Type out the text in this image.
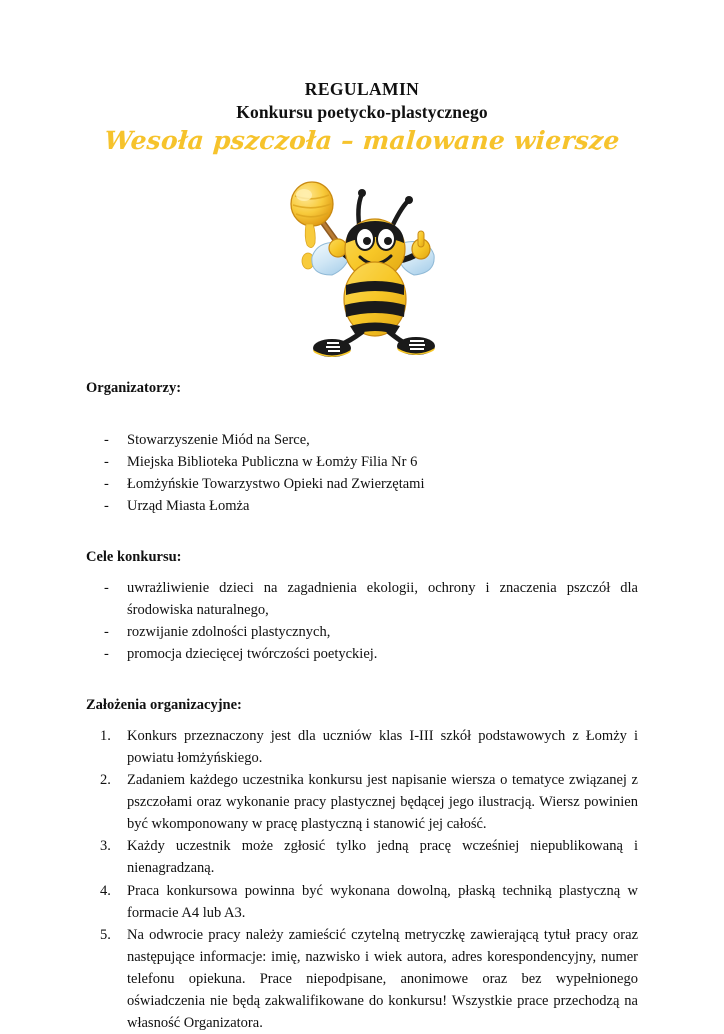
REGULAMIN
Konkursu poetycko-plastycznego
Wesoła pszczoła – malowane wiersze
Organizatorzy:
- Stowarzyszenie Miód na Serce,
- Miejska Biblioteka Publiczna w Łomży Filia Nr 6
- Łomżyńskie Towarzystwo Opieki nad Zwierzętami
- Urząd Miasta Łomża
Cele konkursu:
- uwrażliwienie dzieci na zagadnienia ekologii, ochrony i znaczenia pszczół dla środowiska naturalnego,
- rozwijanie zdolności plastycznych,
- promocja dziecięcej twórczości poetyckiej.
Założenia organizacyjne:
Konkurs przeznaczony jest dla uczniów klas I-III szkół podstawowych z Łomży i powiatu łomżyńskiego.
Zadaniem każdego uczestnika konkursu jest napisanie wiersza o tematyce związanej z pszczołami oraz wykonanie pracy plastycznej będącej jego ilustracją. Wiersz powinien być wkomponowany w pracę plastyczną i stanowić jej całość.
Każdy uczestnik może zgłosić tylko jedną pracę wcześniej niepublikowaną i nienagradzaną.
Praca konkursowa powinna być wykonana dowolną, płaską techniką plastyczną w formacie A4 lub A3.
Na odwrocie pracy należy zamieścić czytelną metryczkę zawierającą tytuł pracy oraz następujące informacje: imię, nazwisko i wiek autora, adres korespondencyjny, numer telefonu opiekuna. Prace niepodpisane, anonimowe oraz bez wypełnionego oświadczenia nie będą zakwalifikowane do konkursu! Wszystkie prace przechodzą na własność Organizatora.
